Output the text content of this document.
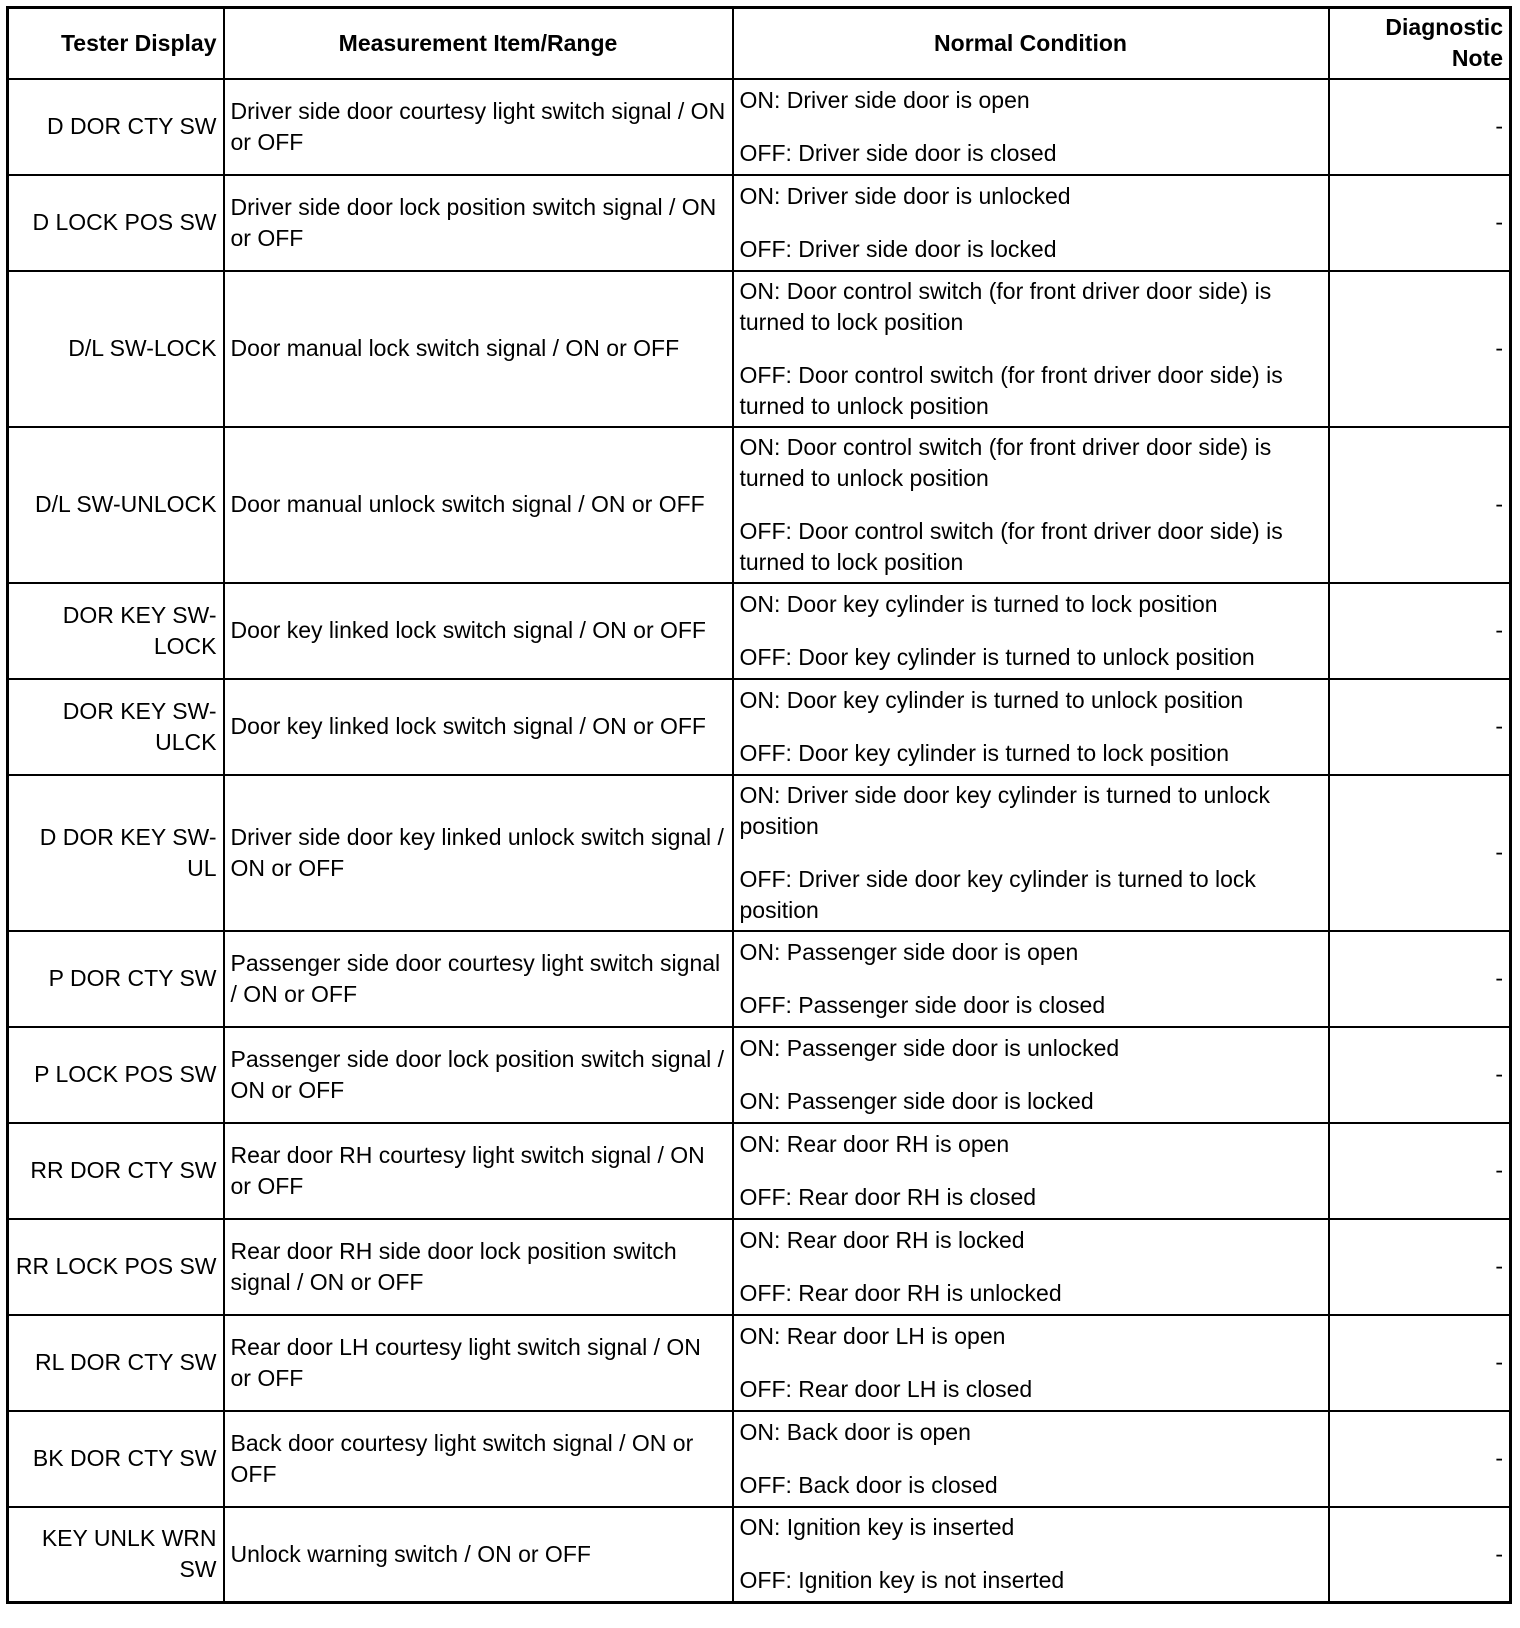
Tester Display	Measurement Item/Range	Normal Condition	Diagnostic Note
D DOR CTY SW	Driver side door courtesy light switch signal / ON or OFF	ON: Driver side door is open

OFF: Driver side door is closed	-
D LOCK POS SW	Driver side door lock position switch signal / ON or OFF	ON: Driver side door is unlocked

OFF: Driver side door is locked	-
D/L SW-LOCK	Door manual lock switch signal / ON or OFF	ON: Door control switch (for front driver door side) is turned to lock position

OFF: Door control switch (for front driver door side) is turned to unlock position	-
D/L SW-UNLOCK	Door manual unlock switch signal / ON or OFF	ON: Door control switch (for front driver door side) is turned to unlock position

OFF: Door control switch (for front driver door side) is turned to lock position	-
DOR KEY SW-LOCK	Door key linked lock switch signal / ON or OFF	ON: Door key cylinder is turned to lock position

OFF: Door key cylinder is turned to unlock position	-
DOR KEY SW-ULCK	Door key linked lock switch signal / ON or OFF	ON: Door key cylinder is turned to unlock position

OFF: Door key cylinder is turned to lock position	-
D DOR KEY SW-UL	Driver side door key linked unlock switch signal / ON or OFF	ON: Driver side door key cylinder is turned to unlock position

OFF: Driver side door key cylinder is turned to lock position	-
P DOR CTY SW	Passenger side door courtesy light switch signal / ON or OFF	ON: Passenger side door is open

OFF: Passenger side door is closed	-
P LOCK POS SW	Passenger side door lock position switch signal / ON or OFF	ON: Passenger side door is unlocked

ON: Passenger side door is locked	-
RR DOR CTY SW	Rear door RH courtesy light switch signal / ON or OFF	ON: Rear door RH is open

OFF: Rear door RH is closed	-
RR LOCK POS SW	Rear door RH side door lock position switch signal / ON or OFF	ON: Rear door RH is locked

OFF: Rear door RH is unlocked	-
RL DOR CTY SW	Rear door LH courtesy light switch signal / ON or OFF	ON: Rear door LH is open

OFF: Rear door LH is closed	-
BK DOR CTY SW	Back door courtesy light switch signal / ON or OFF	ON: Back door is open

OFF: Back door is closed	-
KEY UNLK WRN SW	Unlock warning switch / ON or OFF	ON: Ignition key is inserted

OFF: Ignition key is not inserted	-
